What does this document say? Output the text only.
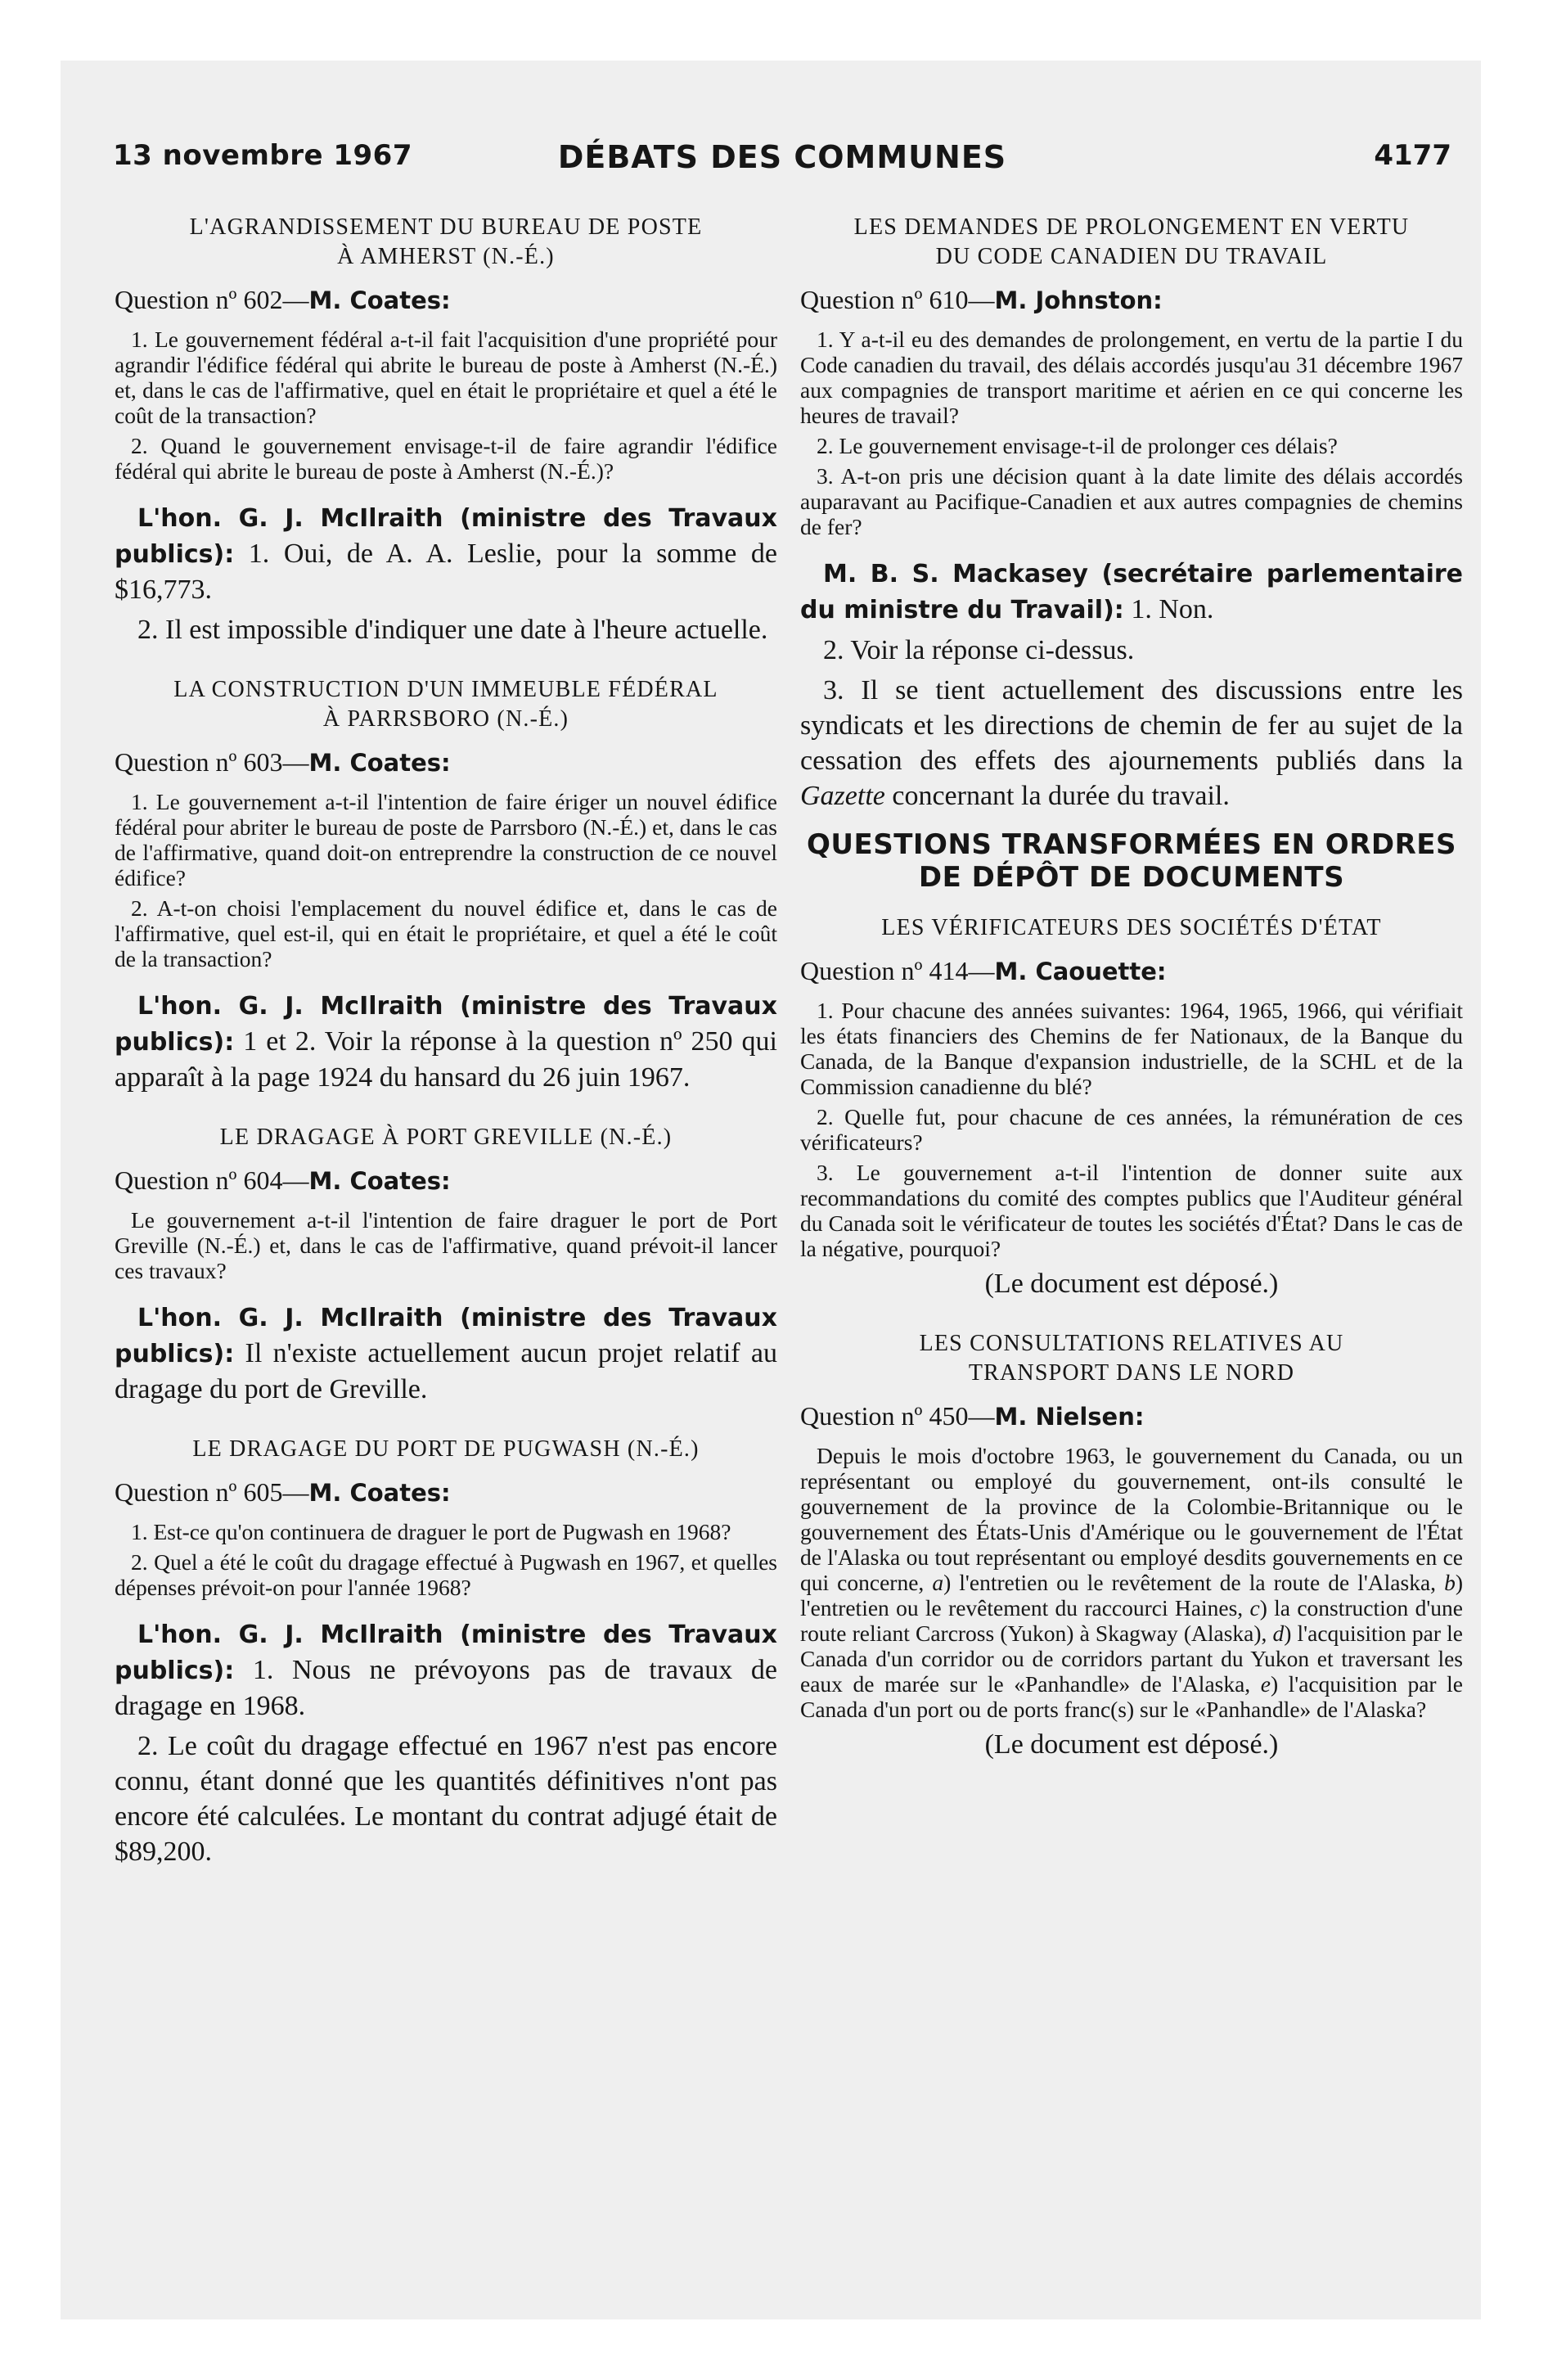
13 novembre 1967	DÉBATS DES COMMUNES	4177
L'AGRANDISSEMENT DU BUREAU DE POSTE
À AMHERST (N.-É.)
Question nº 602—M. Coates:

1. Le gouvernement fédéral a-t-il fait l'acquisition d'une propriété pour agrandir l'édifice fédéral qui abrite le bureau de poste à Amherst (N.-É.) et, dans le cas de l'affirmative, quel en était le propriétaire et quel a été le coût de la transaction?

2. Quand le gouvernement envisage-t-il de faire agrandir l'édifice fédéral qui abrite le bureau de poste à Amherst (N.-É.)?

L'hon. G. J. McIlraith (ministre des Travaux publics): 1. Oui, de A. A. Leslie, pour la somme de $16,773.

2. Il est impossible d'indiquer une date à l'heure actuelle.

LA CONSTRUCTION D'UN IMMEUBLE FÉDÉRAL
À PARRSBORO (N.-É.)
Question nº 603—M. Coates:

1. Le gouvernement a-t-il l'intention de faire ériger un nouvel édifice fédéral pour abriter le bureau de poste de Parrsboro (N.-É.) et, dans le cas de l'affirmative, quand doit-on entreprendre la construction de ce nouvel édifice?

2. A-t-on choisi l'emplacement du nouvel édifice et, dans le cas de l'affirmative, quel est-il, qui en était le propriétaire, et quel a été le coût de la transaction?

L'hon. G. J. McIlraith (ministre des Travaux publics): 1 et 2. Voir la réponse à la question nº 250 qui apparaît à la page 1924 du hansard du 26 juin 1967.

LE DRAGAGE À PORT GREVILLE (N.-É.)
Question nº 604—M. Coates:

Le gouvernement a-t-il l'intention de faire draguer le port de Port Greville (N.-É.) et, dans le cas de l'affirmative, quand prévoit-il lancer ces travaux?

L'hon. G. J. McIlraith (ministre des Travaux publics): Il n'existe actuellement aucun projet relatif au dragage du port de Greville.

LE DRAGAGE DU PORT DE PUGWASH (N.-É.)
Question nº 605—M. Coates:

1. Est-ce qu'on continuera de draguer le port de Pugwash en 1968?

2. Quel a été le coût du dragage effectué à Pugwash en 1967, et quelles dépenses prévoit-on pour l'année 1968?

L'hon. G. J. McIlraith (ministre des Travaux publics): 1. Nous ne prévoyons pas de travaux de dragage en 1968.

2. Le coût du dragage effectué en 1967 n'est pas encore connu, étant donné que les quantités définitives n'ont pas encore été calculées. Le montant du contrat adjugé était de $89,200.

LES DEMANDES DE PROLONGEMENT EN VERTU
DU CODE CANADIEN DU TRAVAIL
Question nº 610—M. Johnston:

1. Y a-t-il eu des demandes de prolongement, en vertu de la partie I du Code canadien du travail, des délais accordés jusqu'au 31 décembre 1967 aux compagnies de transport maritime et aérien en ce qui concerne les heures de travail?

2. Le gouvernement envisage-t-il de prolonger ces délais?

3. A-t-on pris une décision quant à la date limite des délais accordés auparavant au Pacifique-Canadien et aux autres compagnies de chemins de fer?

M. B. S. Mackasey (secrétaire parlementaire du ministre du Travail): 1. Non.

2. Voir la réponse ci-dessus.

3. Il se tient actuellement des discussions entre les syndicats et les directions de chemin de fer au sujet de la cessation des effets des ajournements publiés dans la Gazette concernant la durée du travail.

QUESTIONS TRANSFORMÉES EN ORDRES
DE DÉPÔT DE DOCUMENTS
LES VÉRIFICATEURS DES SOCIÉTÉS D'ÉTAT
Question nº 414—M. Caouette:

1. Pour chacune des années suivantes: 1964, 1965, 1966, qui vérifiait les états financiers des Chemins de fer Nationaux, de la Banque du Canada, de la Banque d'expansion industrielle, de la SCHL et de la Commission canadienne du blé?

2. Quelle fut, pour chacune de ces années, la rémunération de ces vérificateurs?

3. Le gouvernement a-t-il l'intention de donner suite aux recommandations du comité des comptes publics que l'Auditeur général du Canada soit le vérificateur de toutes les sociétés d'État? Dans le cas de la négative, pourquoi?

(Le document est déposé.)

LES CONSULTATIONS RELATIVES AU
TRANSPORT DANS LE NORD
Question nº 450—M. Nielsen:

Depuis le mois d'octobre 1963, le gouvernement du Canada, ou un représentant ou employé du gouvernement, ont-ils consulté le gouvernement de la province de la Colombie-Britannique ou le gouvernement des États-Unis d'Amérique ou le gouvernement de l'État de l'Alaska ou tout représentant ou employé desdits gouvernements en ce qui concerne, a) l'entretien ou le revêtement de la route de l'Alaska, b) l'entretien ou le revêtement du raccourci Haines, c) la construction d'une route reliant Carcross (Yukon) à Skagway (Alaska), d) l'acquisition par le Canada d'un corridor ou de corridors partant du Yukon et traversant les eaux de marée sur le «Panhandle» de l'Alaska, e) l'acquisition par le Canada d'un port ou de ports franc(s) sur le «Panhandle» de l'Alaska?

(Le document est déposé.)
